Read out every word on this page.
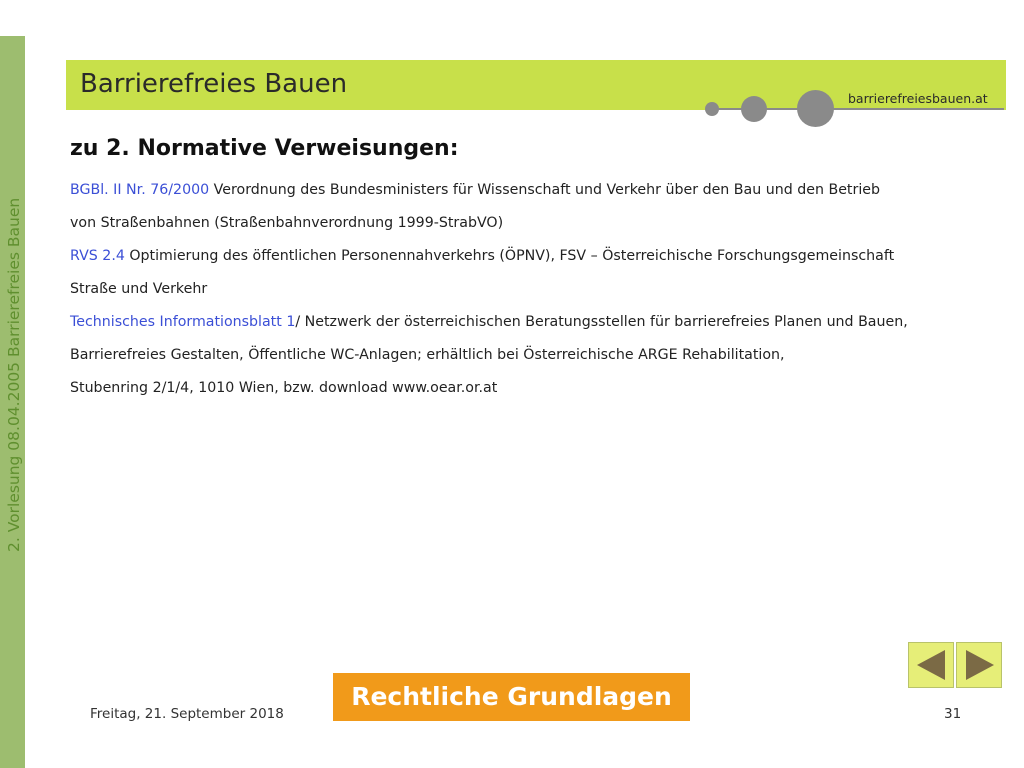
2. Vorlesung 08.04.2005 Barrierefreies Bauen
Barrierefreies Bauen	barrierefreiesbauen.at
zu 2. Normative Verweisungen:
BGBl. II Nr. 76/2000 Verordnung des Bundesministers für Wissenschaft und Verkehr über den Bau und den Betrieb
von Straßenbahnen (Straßenbahnverordnung 1999-StrabVO)
RVS 2.4 Optimierung des öffentlichen Personennahverkehrs (ÖPNV), FSV – Österreichische Forschungsgemeinschaft
Straße und Verkehr
Technisches Informationsblatt 1/ Netzwerk der österreichischen Beratungsstellen für barrierefreies Planen und Bauen,
Barrierefreies Gestalten, Öffentliche WC-Anlagen; erhältlich bei Österreichische ARGE Rehabilitation,
Stubenring 2/1/4, 1010 Wien, bzw. download www.oear.or.at
Rechtliche Grundlagen
Freitag, 21. September 2018	31
